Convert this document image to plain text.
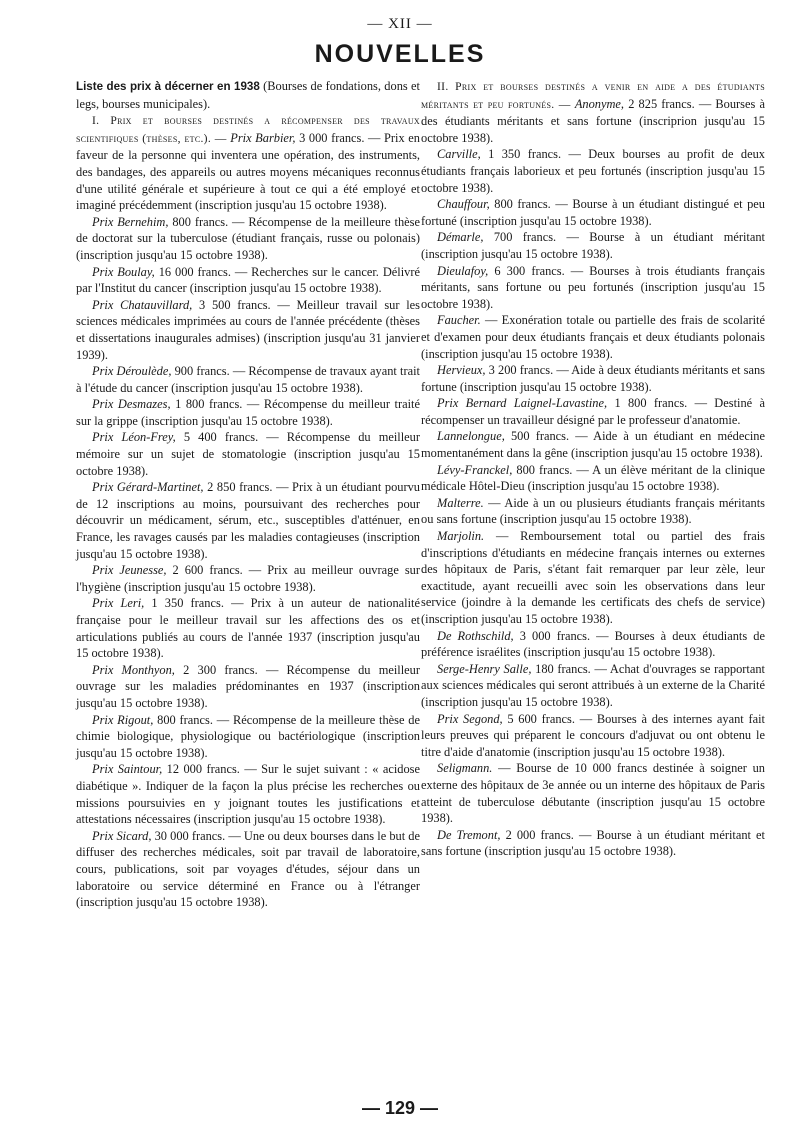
— XII —
NOUVELLES

Liste des prix à décerner en 1938 (Bourses de fondations, dons et legs, bourses municipales).

I. Prix et bourses destinés a récompenser des travaux scientifiques (thèses, etc.). — Prix Barbier, 3 000 francs. — Prix en faveur de la personne qui inventera une opération, des instruments, des bandages, des appareils ou autres moyens mécaniques reconnus d'une utilité générale et supérieure à tout ce qui a été employé et imaginé précédemment (inscription jusqu'au 15 octobre 1938).

Prix Bernehim, 800 francs. — Récompense de la meilleure thèse de doctorat sur la tuberculose (étudiant français, russe ou polonais) (inscription jusqu'au 15 octobre 1938).

Prix Boulay, 16 000 francs. — Recherches sur le cancer. Délivré par l'Institut du cancer (inscription jusqu'au 15 octobre 1938).

Prix Chatauvillard, 3 500 francs. — Meilleur travail sur les sciences médicales imprimées au cours de l'année précédente (thèses et dissertations inaugurales admises) (inscription jusqu'au 31 janvier 1939).

Prix Déroulède, 900 francs. — Récompense de travaux ayant trait à l'étude du cancer (inscription jusqu'au 15 octobre 1938).

Prix Desmazes, 1 800 francs. — Récompense du meilleur traité sur la grippe (inscription jusqu'au 15 octobre 1938).

Prix Léon-Frey, 5 400 francs. — Récompense du meilleur mémoire sur un sujet de stomatologie (inscription jusqu'au 15 octobre 1938).

Prix Gérard-Martinet, 2 850 francs. — Prix à un étudiant pourvu de 12 inscriptions au moins, poursuivant des recherches pour découvrir un médicament, sérum, etc., susceptibles d'atténuer, en France, les ravages causés par les maladies contagieuses (inscription jusqu'au 15 octobre 1938).

Prix Jeunesse, 2 600 francs. — Prix au meilleur ouvrage sur l'hygiène (inscription jusqu'au 15 octobre 1938).

Prix Leri, 1 350 francs. — Prix à un auteur de nationalité française pour le meilleur travail sur les affections des os et articulations publiés au cours de l'année 1937 (inscription jusqu'au 15 octobre 1938).

Prix Monthyon, 2 300 francs. — Récompense du meilleur ouvrage sur les maladies prédominantes en 1937 (inscription jusqu'au 15 octobre 1938).

Prix Rigout, 800 francs. — Récompense de la meilleure thèse de chimie biologique, physiologique ou bactériologique (inscription jusqu'au 15 octobre 1938).

Prix Saintour, 12 000 francs. — Sur le sujet suivant : « acidose diabétique ». Indiquer de la façon la plus précise les recherches ou missions poursuivies en y joignant toutes les justifications et attestations nécessaires (inscription jusqu'au 15 octobre 1938).

Prix Sicard, 30 000 francs. — Une ou deux bourses dans le but de diffuser des recherches médicales, soit par travail de laboratoire, cours, publications, soit par voyages d'études, séjour dans un laboratoire ou service déterminé en France ou à l'étranger (inscription jusqu'au 15 octobre 1938).

II. Prix et bourses destinés a venir en aide a des étudiants méritants et peu fortunés. — Anonyme, 2 825 francs. — Bourses à des étudiants méritants et sans fortune (inscriprion jusqu'au 15 octobre 1938).

Carville, 1 350 francs. — Deux bourses au profit de deux étudiants français laborieux et peu fortunés (inscription jusqu'au 15 octobre 1938).

Chauffour, 800 francs. — Bourse à un étudiant distingué et peu fortuné (inscription jusqu'au 15 octobre 1938).

Démarle, 700 francs. — Bourse à un étudiant méritant (inscription jusqu'au 15 octobre 1938).

Dieulafoy, 6 300 francs. — Bourses à trois étudiants français méritants, sans fortune ou peu fortunés (inscription jusqu'au 15 octobre 1938).

Faucher. — Exonération totale ou partielle des frais de scolarité et d'examen pour deux étudiants français et deux étudiants polonais (inscription jusqu'au 15 octobre 1938).

Hervieux, 3 200 francs. — Aide à deux étudiants méritants et sans fortune (inscription jusqu'au 15 octobre 1938).

Prix Bernard Laignel-Lavastine, 1 800 francs. — Destiné à récompenser un travailleur désigné par le professeur d'anatomie.

Lannelongue, 500 francs. — Aide à un étudiant en médecine momentanément dans la gêne (inscription jusqu'au 15 octobre 1938).

Lévy-Franckel, 800 francs. — A un élève méritant de la clinique médicale Hôtel-Dieu (inscription jusqu'au 15 octobre 1938).

Malterre. — Aide à un ou plusieurs étudiants français méritants ou sans fortune (inscription jusqu'au 15 octobre 1938).

Marjolin. — Remboursement total ou partiel des frais d'inscriptions d'étudiants en médecine français internes ou externes des hôpitaux de Paris, s'étant fait remarquer par leur zèle, leur exactitude, ayant recueilli avec soin les observations dans leur service (joindre à la demande les certificats des chefs de service) (inscription jusqu'au 15 octobre 1938).

De Rothschild, 3 000 francs. — Bourses à deux étudiants de préférence israélites (inscription jusqu'au 15 octobre 1938).

Serge-Henry Salle, 180 francs. — Achat d'ouvrages se rapportant aux sciences médicales qui seront attribués à un externe de la Charité (inscription jusqu'au 15 octobre 1938).

Prix Segond, 5 600 francs. — Bourses à des internes ayant fait leurs preuves qui préparent le concours d'adjuvat ou ont obtenu le titre d'aide d'anatomie (inscription jusqu'au 15 octobre 1938).

Seligmann. — Bourse de 10 000 francs destinée à soigner un externe des hôpitaux de 3e année ou un interne des hôpitaux de Paris atteint de tuberculose débutante (inscription jusqu'au 15 octobre 1938).

De Tremont, 2 000 francs. — Bourse à un étudiant méritant et sans fortune (inscription jusqu'au 15 octobre 1938).

— 129 —
